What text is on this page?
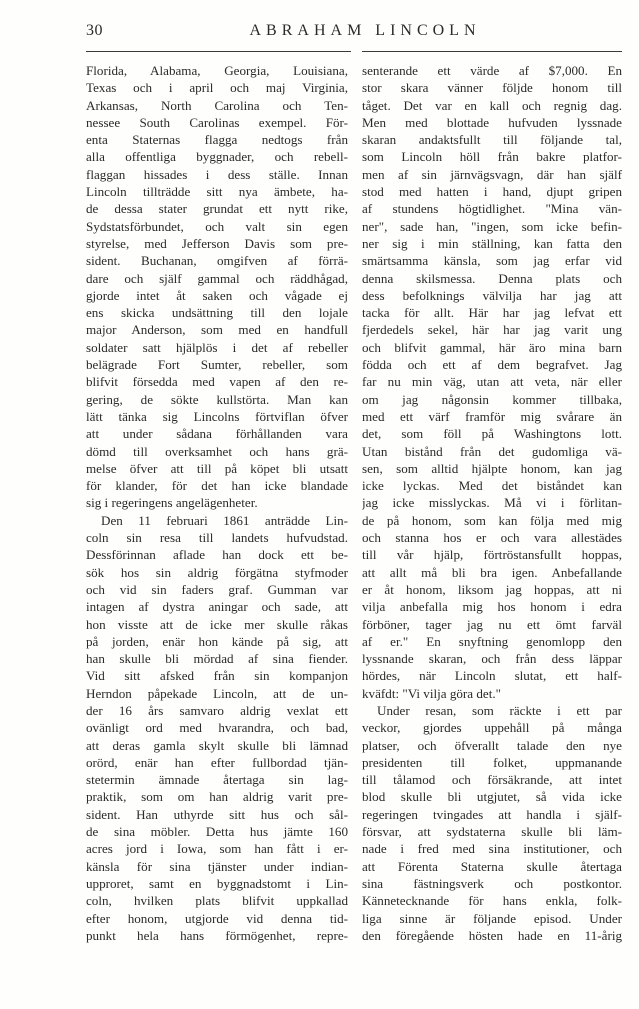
30	ABRAHAM LINCOLN
Florida, Alabama, Georgia, Louisiana,
Texas och i april och maj Virginia,
Arkansas, North Carolina och Ten-
nessee South Carolinas exempel. För-
enta Staternas flagga nedtogs från
alla offentliga byggnader, och rebell-
flaggan hissades i dess ställe. Innan
Lincoln tillträdde sitt nya ämbete, ha-
de dessa stater grundat ett nytt rike,
Sydstatsförbundet, och valt sin egen
styrelse, med Jefferson Davis som pre-
sident. Buchanan, omgifven af förrä-
dare och själf gammal och räddhågad,
gjorde intet åt saken och vågade ej
ens skicka undsättning till den lojale
major Anderson, som med en handfull
soldater satt hjälplös i det af rebeller
belägrade Fort Sumter, rebeller, som
blifvit försedda med vapen af den re-
gering, de sökte kullstörta. Man kan
lätt tänka sig Lincolns förtviflan öfver
att under sådana förhållanden vara
dömd till overksamhet och hans grä-
melse öfver att till på köpet bli utsatt
för klander, för det han icke blandade
sig i regeringens angelägenheter.
Den 11 februari 1861 anträdde Lin-
coln sin resa till landets hufvudstad.
Dessförinnan aflade han dock ett be-
sök hos sin aldrig förgätna styfmoder
och vid sin faders graf. Gumman var
intagen af dystra aningar och sade, att
hon visste att de icke mer skulle råkas
på jorden, enär hon kände på sig, att
han skulle bli mördad af sina fiender.
Vid sitt afsked från sin kompanjon
Herndon påpekade Lincoln, att de un-
der 16 års samvaro aldrig vexlat ett
ovänligt ord med hvarandra, och bad,
att deras gamla skylt skulle bli lämnad
orörd, enär han efter fullbordad tjän-
stetermin ämnade återtaga sin lag-
praktik, som om han aldrig varit pre-
sident. Han uthyrde sitt hus och sål-
de sina möbler. Detta hus jämte 160
acres jord i Iowa, som han fått i er-
känsla för sina tjänster under indian-
upproret, samt en byggnadstomt i Lin-
coln, hvilken plats blifvit uppkallad
efter honom, utgjorde vid denna tid-
punkt hela hans förmögenhet, repre-
senterande ett värde af $7,000. En
stor skara vänner följde honom till
tåget. Det var en kall och regnig dag.
Men med blottade hufvuden lyssnade
skaran andaktsfullt till följande tal,
som Lincoln höll från bakre platfor-
men af sin järnvägsvagn, där han själf
stod med hatten i hand, djupt gripen
af stundens högtidlighet. "Mina vän-
ner", sade han, "ingen, som icke befin-
ner sig i min ställning, kan fatta den
smärtsamma känsla, som jag erfar vid
denna skilsmessa. Denna plats och
dess befolknings välvilja har jag att
tacka för allt. Här har jag lefvat ett
fjerdedels sekel, här har jag varit ung
och blifvit gammal, här äro mina barn
födda och ett af dem begrafvet. Jag
far nu min väg, utan att veta, när eller
om jag någonsin kommer tillbaka,
med ett värf framför mig svårare än
det, som föll på Washingtons lott.
Utan bistånd från det gudomliga vä-
sen, som alltid hjälpte honom, kan jag
icke lyckas. Med det biståndet kan
jag icke misslyckas. Må vi i förlitan-
de på honom, som kan följa med mig
och stanna hos er och vara allestädes
till vår hjälp, förtröstansfullt hoppas,
att allt må bli bra igen. Anbefallande
er åt honom, liksom jag hoppas, att ni
vilja anbefalla mig hos honom i edra
förböner, tager jag nu ett ömt farväl
af er." En snyftning genomlopp den
lyssnande skaran, och från dess läppar
hördes, när Lincoln slutat, ett half-
kväfdt: "Vi vilja göra det."
Under resan, som räckte i ett par
veckor, gjordes uppehåll på många
platser, och öfverallt talade den nye
presidenten till folket, uppmanande
till tålamod och försäkrande, att intet
blod skulle bli utgjutet, så vida icke
regeringen tvingades att handla i själf-
försvar, att sydstaterna skulle bli läm-
nade i fred med sina institutioner, och
att Förenta Staterna skulle återtaga
sina fästningsverk och postkontor.
Kännetecknande för hans enkla, folk-
liga sinne är följande episod. Under
den föregående hösten hade en 11-årig
